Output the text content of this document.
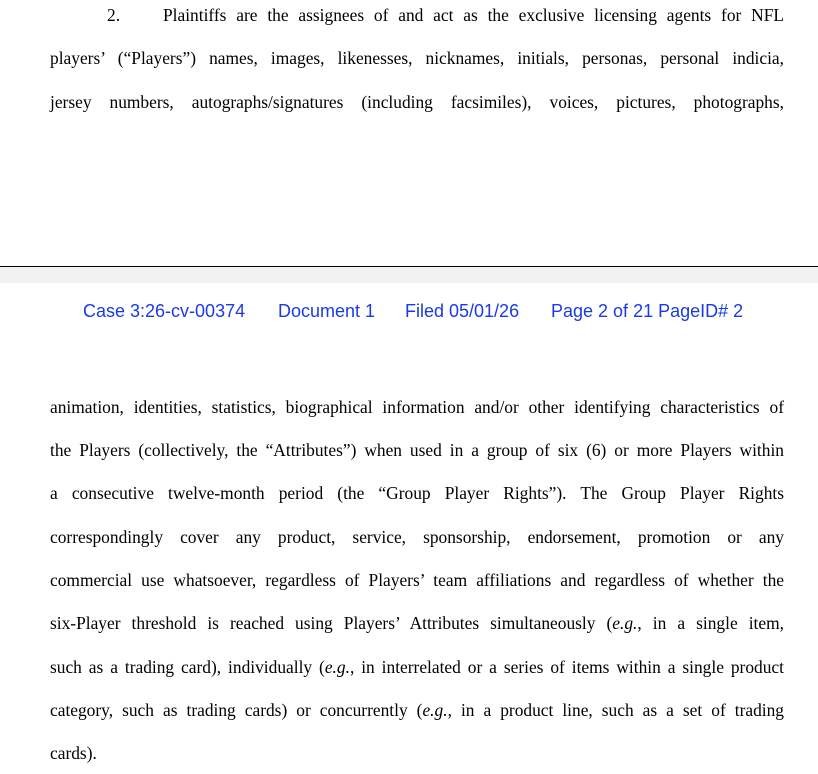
2. Plaintiffs are the assignees of and act as the exclusive licensing agents for NFL
players’ (“Players”) names, images, likenesses, nicknames, initials, personas, personal indicia,
jersey numbers, autographs/signatures (including facsimiles), voices, pictures, photographs,
Case 3:26-cv-00374 Document 1 Filed 05/01/26 Page 2 of 21 PageID# 2
animation, identities, statistics, biographical information and/or other identifying characteristics of
the Players (collectively, the “Attributes”) when used in a group of six (6) or more Players within
a consecutive twelve-month period (the “Group Player Rights”). The Group Player Rights
correspondingly cover any product, service, sponsorship, endorsement, promotion or any
commercial use whatsoever, regardless of Players’ team affiliations and regardless of whether the
six-Player threshold is reached using Players’ Attributes simultaneously (e.g., in a single item,
such as a trading card), individually (e.g., in interrelated or a series of items within a single product
category, such as trading cards) or concurrently (e.g., in a product line, such as a set of trading
cards).
